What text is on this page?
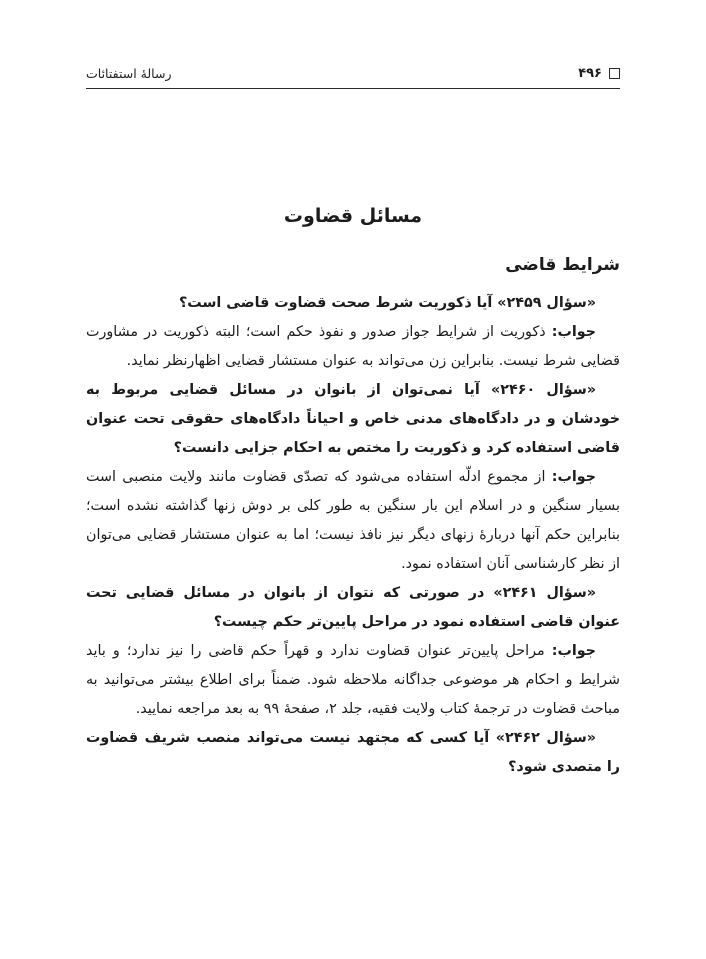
۴۹۶
رسالهٔ استفتائات
مسائل قضاوت
شرایط قاضی

«سؤال ۲۴۵۹» آیا ذکوریت شرط صحت قضاوت قاضی است؟

جواب: ذکوریت از شرایط جواز صدور و نفوذ حکم است؛ البته ذکوریت در مشاورت قضایی شرط نیست. بنابراین زن می‌تواند به عنوان مستشار قضایی اظهارنظر نماید.

«سؤال ۲۴۶۰» آیا نمی‌توان از بانوان در مسائل قضایی مربوط به خودشان و در دادگاه‌های مدنی خاص و احیاناً دادگاه‌های حقوقی تحت عنوان قاضی استفاده کرد و ذکوریت را مختص به احکام جزایی دانست؟

جواب: از مجموع ادلّه استفاده می‌شود که تصدّی قضاوت مانند ولایت منصبی است بسیار سنگین و در اسلام این بار سنگین به طور کلی بر دوش زنها گذاشته نشده است؛ بنابراین حکم آنها دربارهٔ زنهای دیگر نیز نافذ نیست؛ اما به عنوان مستشار قضایی می‌توان از نظر کارشناسی آنان استفاده نمود.

«سؤال ۲۴۶۱» در صورتی که نتوان از بانوان در مسائل قضایی تحت عنوان قاضی استفاده نمود در مراحل پایین‌تر حکم چیست؟

جواب: مراحل پایین‌تر عنوان قضاوت ندارد و قهراً حکم قاضی را نیز ندارد؛ و باید شرایط و احکام هر موضوعی جداگانه ملاحظه شود. ضمناً برای اطلاع بیشتر می‌توانید به مباحث قضاوت در ترجمهٔ کتاب ولایت فقیه، جلد ۲، صفحهٔ ۹۹ به بعد مراجعه نمایید.

«سؤال ۲۴۶۲» آیا کسی که مجتهد نیست می‌تواند منصب شریف قضاوت را متصدی شود؟
